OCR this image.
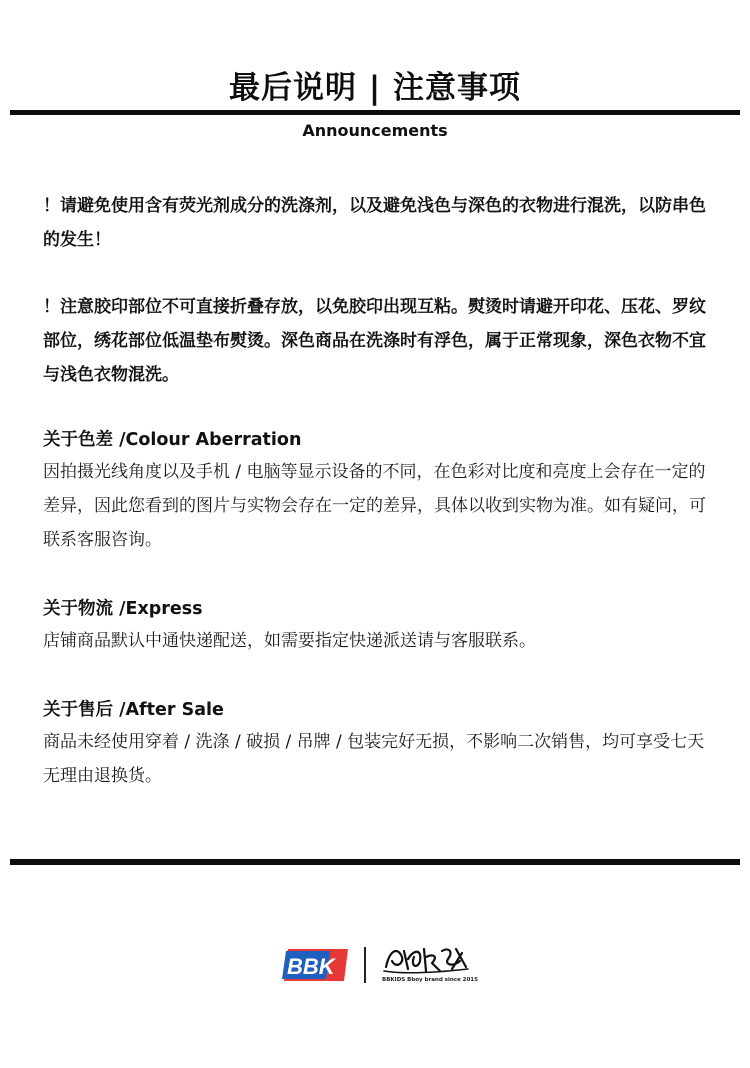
最后说明 | 注意事项
Announcements

！请避免使用含有荧光剂成分的洗涤剂，以及避免浅色与深色的衣物进行混洗，以防串色的发生！

！注意胶印部位不可直接折叠存放，以免胶印出现互粘。熨烫时请避开印花、压花、罗纹部位，绣花部位低温垫布熨烫。深色商品在洗涤时有浮色，属于正常现象，深色衣物不宜与浅色衣物混洗。

关于色差 /Colour Aberration
因拍摄光线角度以及手机 / 电脑等显示设备的不同，在色彩对比度和亮度上会存在一定的差异，因此您看到的图片与实物会存在一定的差异，具体以收到实物为准。如有疑问，可联系客服咨询。
关于物流 /Express
店铺商品默认中通快递配送，如需要指定快递派送请与客服联系。
关于售后 /After Sale
商品未经使用穿着 / 洗涤 / 破损 / 吊牌 / 包装完好无损，不影响二次销售，均可享受七天无理由退换货。
BBK
BBKIDS Bboy brand since 2015
